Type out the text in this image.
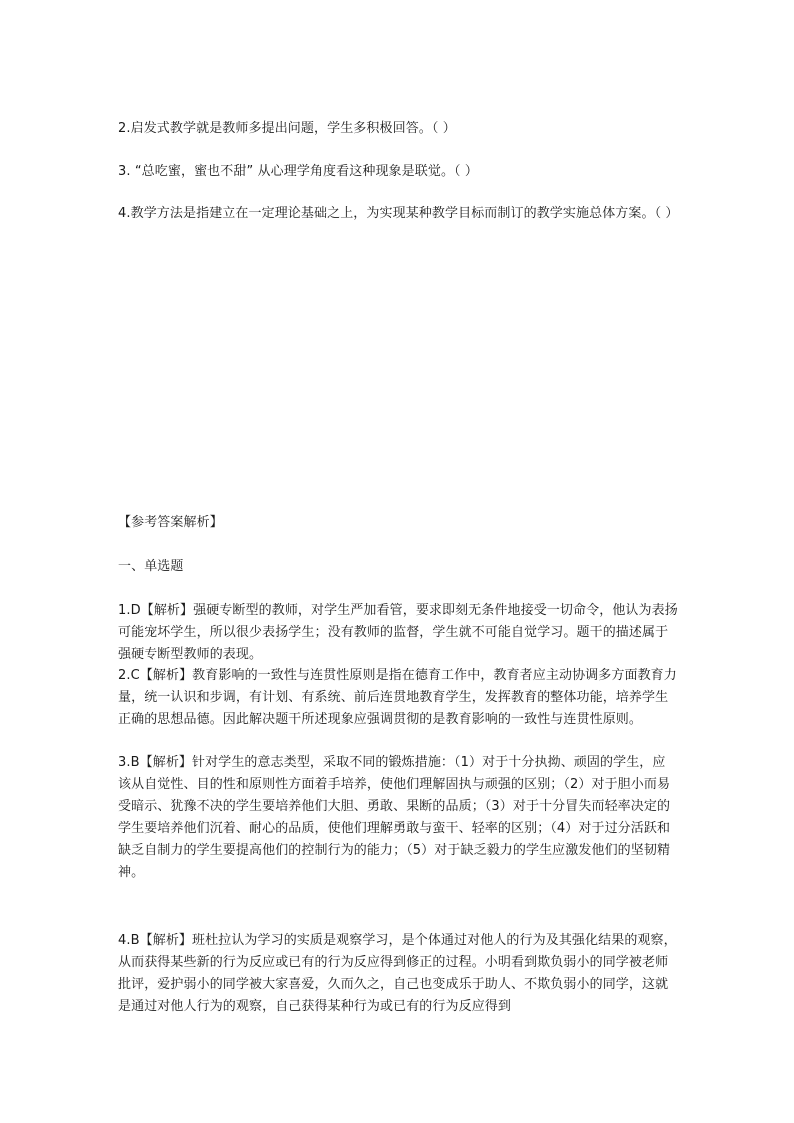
2.启发式教学就是教师多提出问题，学生多积极回答。（ ）
3. “总吃蜜，蜜也不甜” 从心理学角度看这种现象是联觉。（ ）
4.教学方法是指建立在一定理论基础之上，为实现某种教学目标而制订的教学实施总体方案。（ ）
【参考答案解析】
一、单选题
1.D【解析】强硬专断型的教师，对学生严加看管，要求即刻无条件地接受一切命令，他认为表扬可能宠坏学生，所以很少表扬学生；没有教师的监督，学生就不可能自觉学习。题干的描述属于强硬专断型教师的表现。
2.C【解析】教育影响的一致性与连贯性原则是指在德育工作中，教育者应主动协调多方面教育力量，统一认识和步调，有计划、有系统、前后连贯地教育学生，发挥教育的整体功能，培养学生正确的思想品德。因此解决题干所述现象应强调贯彻的是教育影响的一致性与连贯性原则。
3.B【解析】针对学生的意志类型，采取不同的锻炼措施：（1）对于十分执拗、顽固的学生，应该从自觉性、目的性和原则性方面着手培养，使他们理解固执与顽强的区别；（2）对于胆小而易受暗示、犹豫不决的学生要培养他们大胆、勇敢、果断的品质；（3）对于十分冒失而轻率决定的学生要培养他们沉着、耐心的品质，使他们理解勇敢与蛮干、轻率的区别；（4）对于过分活跃和缺乏自制力的学生要提高他们的控制行为的能力；（5）对于缺乏毅力的学生应激发他们的坚韧精神。
4.B【解析】班杜拉认为学习的实质是观察学习，是个体通过对他人的行为及其强化结果的观察，从而获得某些新的行为反应或已有的行为反应得到修正的过程。小明看到欺负弱小的同学被老师批评，爱护弱小的同学被大家喜爱，久而久之，自己也变成乐于助人、不欺负弱小的同学，这就是通过对他人行为的观察，自己获得某种行为或已有的行为反应得到
